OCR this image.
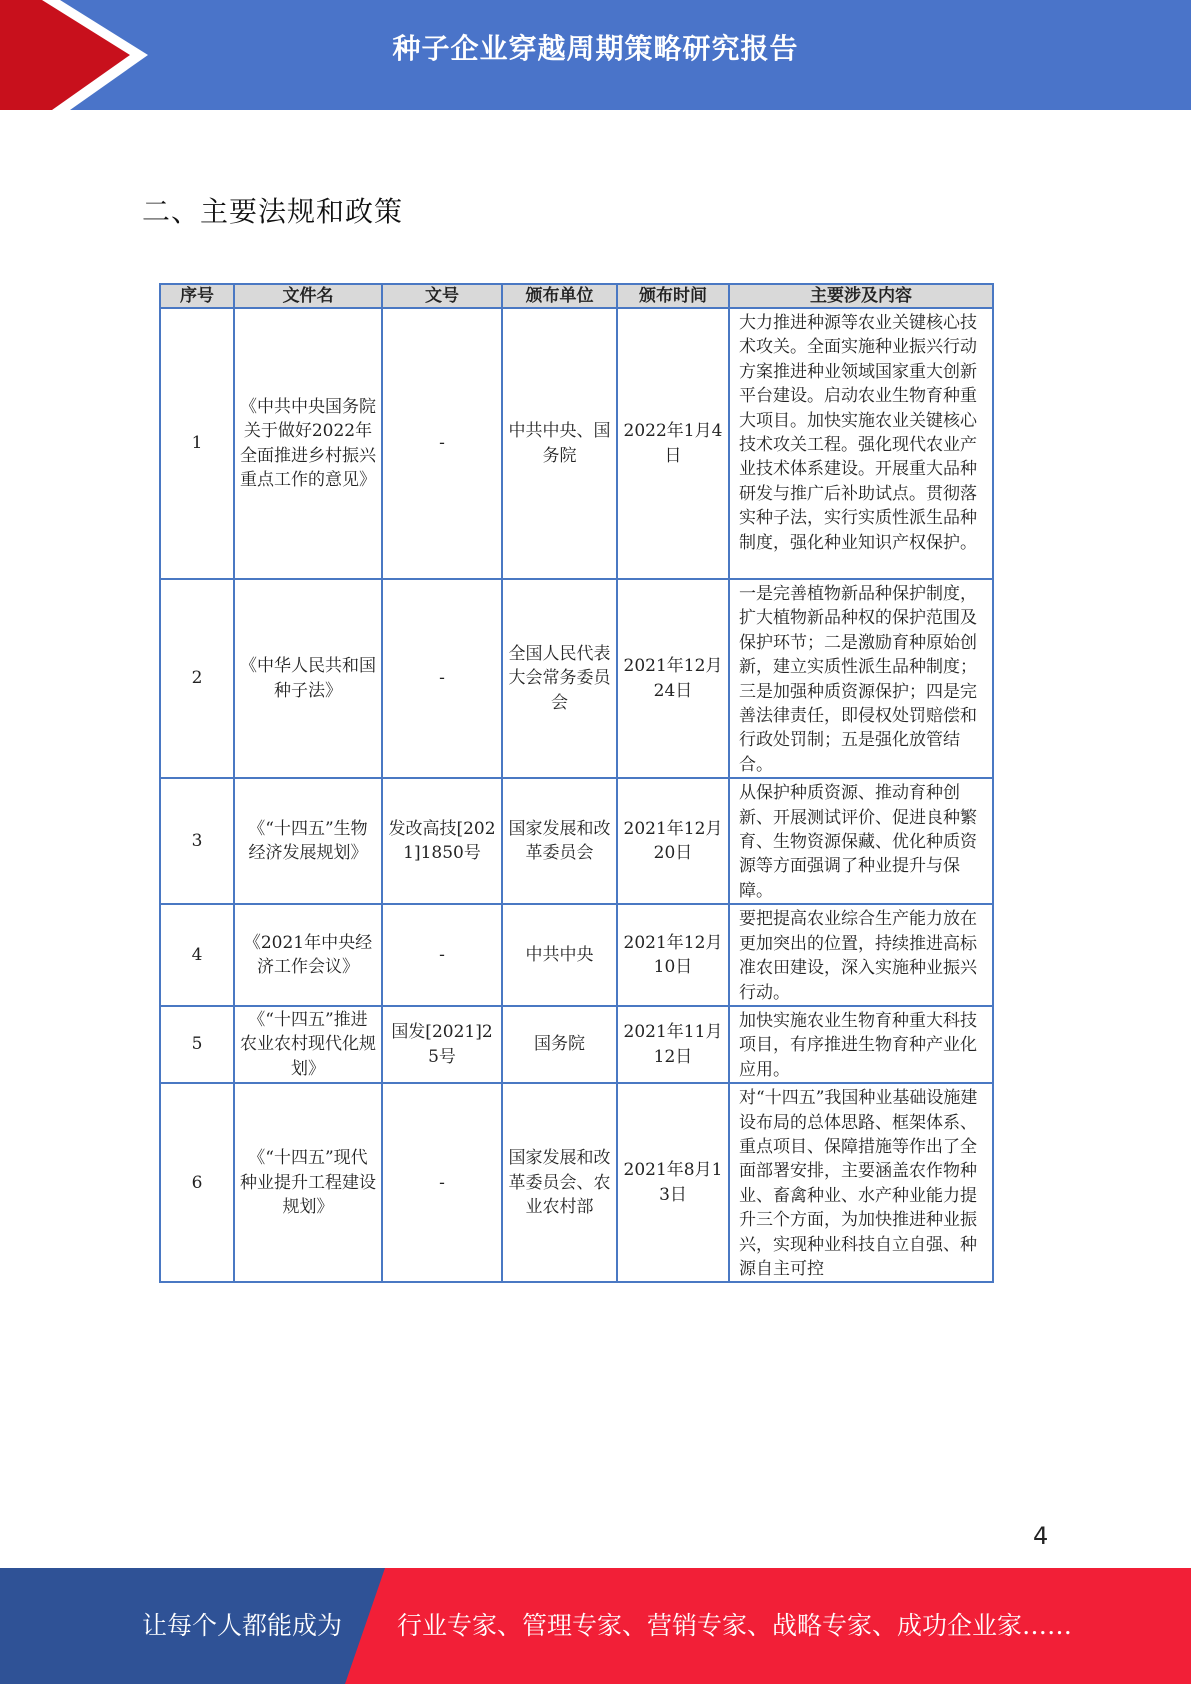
种子企业穿越周期策略研究报告
二、主要法规和政策
序号	文件名	文号	颁布单位	颁布时间	主要涉及内容
1	《中共中央国务院关于做好2022年全面推进乡村振兴重点工作的意见》	-	中共中央、国务院	2022年1月4日	大力推进种源等农业关键核心技术攻关。全面实施种业振兴行动方案推进种业领域国家重大创新平台建设。启动农业生物育种重大项目。加快实施农业关键核心技术攻关工程。强化现代农业产业技术体系建设。开展重大品种研发与推广后补助试点。贯彻落实种子法，实行实质性派生品种制度，强化种业知识产权保护。
2	《中华人民共和国种子法》	-	全国人民代表大会常务委员会	2021年12月24日	一是完善植物新品种保护制度，扩大植物新品种权的保护范围及保护环节；二是激励育种原始创新，建立实质性派生品种制度；三是加强种质资源保护；四是完善法律责任，即侵权处罚赔偿和行政处罚制；五是强化放管结合。
3	《“十四五”生物经济发展规划》	发改高技[2021]1850号	国家发展和改革委员会	2021年12月20日	从保护种质资源、推动育种创新、开展测试评价、促进良种繁育、生物资源保藏、优化种质资源等方面强调了种业提升与保障。
4	《2021年中央经济工作会议》	-	中共中央	2021年12月10日	要把提高农业综合生产能力放在更加突出的位置，持续推进高标准农田建设，深入实施种业振兴行动。
5	《“十四五”推进农业农村现代化规划》	国发[2021]25号	国务院	2021年11月12日	加快实施农业生物育种重大科技项目，有序推进生物育种产业化应用。
6	《“十四五”现代种业提升工程建设规划》	-	国家发展和改革委员会、农业农村部	2021年8月13日	对“十四五”我国种业基础设施建设布局的总体思路、框架体系、重点项目、保障措施等作出了全面部署安排，主要涵盖农作物种业、畜禽种业、水产种业能力提升三个方面，为加快推进种业振兴，实现种业科技自立自强、种源自主可控
4
让每个人都能成为 行业专家、管理专家、营销专家、战略专家、成功企业家……
